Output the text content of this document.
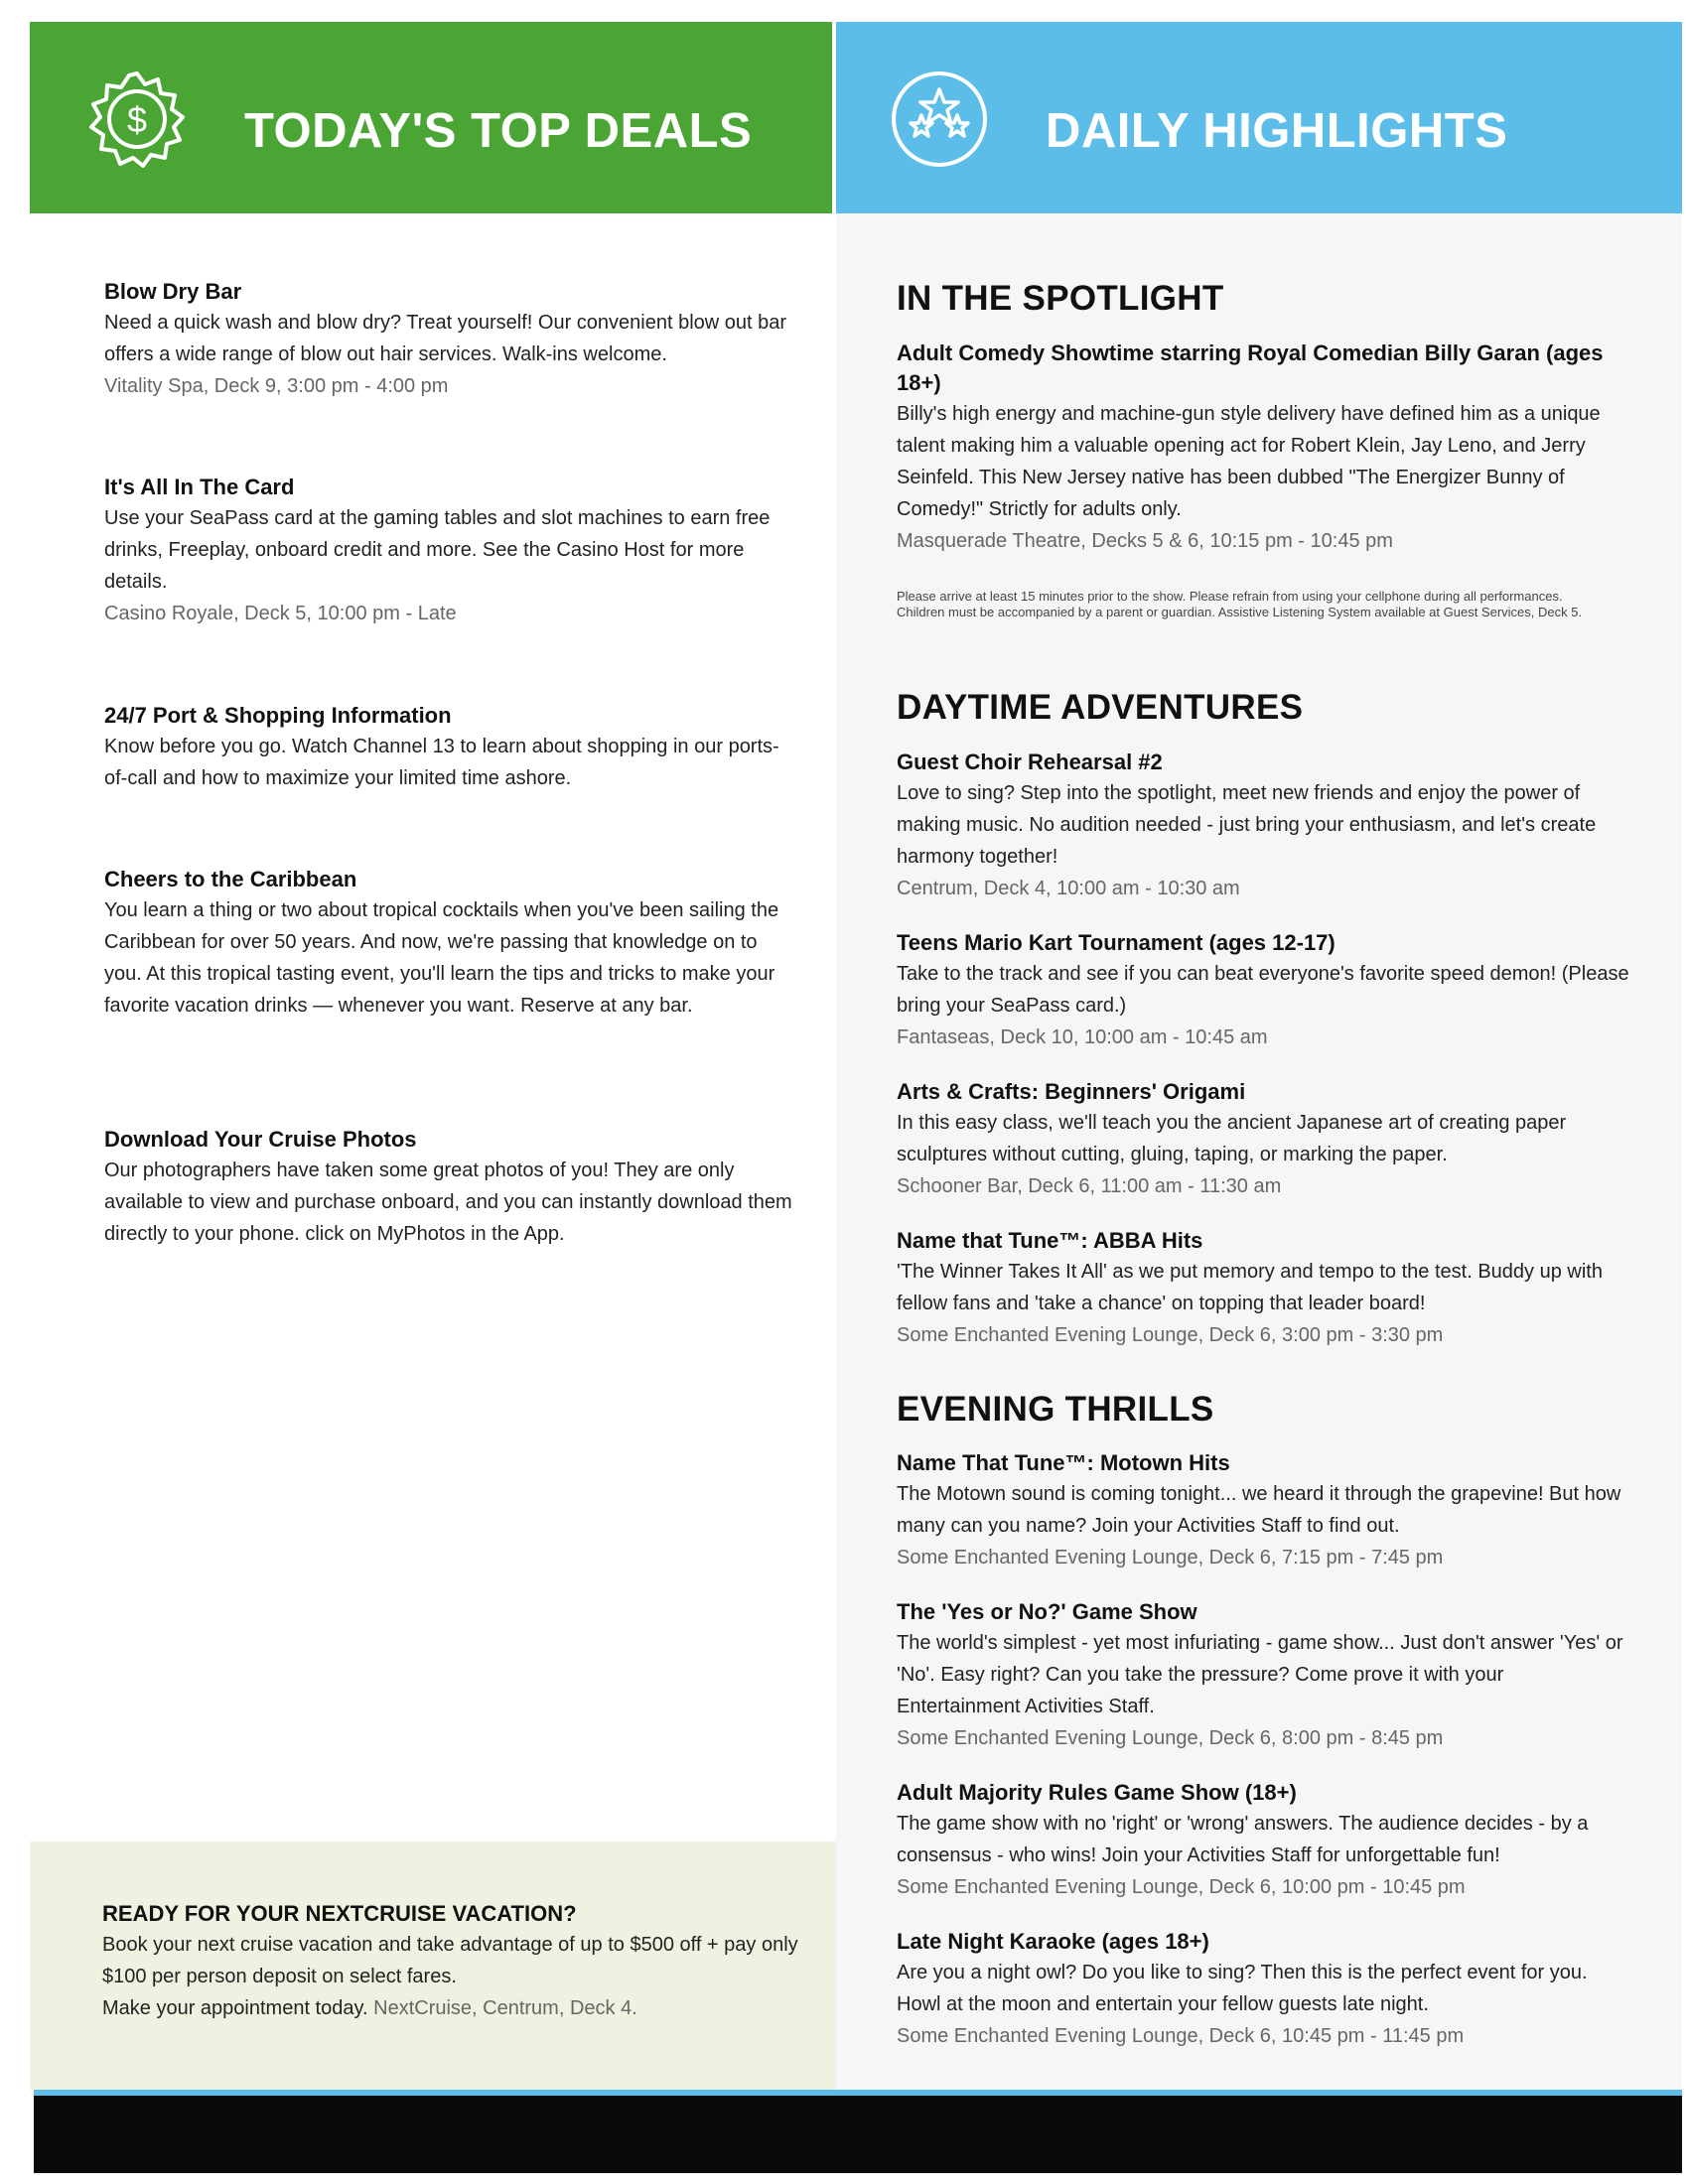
$ TODAY'S TOP DEALS	DAILY HIGHLIGHTS
Blow Dry Bar
Need a quick wash and blow dry? Treat yourself! Our convenient blow out bar offers a wide range of blow out hair services. Walk-ins welcome.
Vitality Spa, Deck 9, 3:00 pm - 4:00 pm
It's All In The Card
Use your SeaPass card at the gaming tables and slot machines to earn free drinks, Freeplay, onboard credit and more. See the Casino Host for more details.
Casino Royale, Deck 5, 10:00 pm - Late
24/7 Port & Shopping Information
Know before you go. Watch Channel 13 to learn about shopping in our ports-of-call and how to maximize your limited time ashore.
Cheers to the Caribbean
You learn a thing or two about tropical cocktails when you've been sailing the Caribbean for over 50 years. And now, we're passing that knowledge on to you. At this tropical tasting event, you'll learn the tips and tricks to make your favorite vacation drinks — whenever you want. Reserve at any bar.
Download Your Cruise Photos
Our photographers have taken some great photos of you! They are only available to view and purchase onboard, and you can instantly download them directly to your phone. click on MyPhotos in the App.
READY FOR YOUR NEXTCRUISE VACATION?
Book your next cruise vacation and take advantage of up to $500 off + pay only $100 per person deposit on select fares.
Make your appointment today. NextCruise, Centrum, Deck 4.
IN THE SPOTLIGHT
Adult Comedy Showtime starring Royal Comedian Billy Garan (ages 18+)
Billy's high energy and machine-gun style delivery have defined him as a unique talent making him a valuable opening act for Robert Klein, Jay Leno, and Jerry Seinfeld. This New Jersey native has been dubbed "The Energizer Bunny of Comedy!" Strictly for adults only.
Masquerade Theatre, Decks 5 & 6, 10:15 pm - 10:45 pm
Please arrive at least 15 minutes prior to the show. Please refrain from using your cellphone during all performances. Children must be accompanied by a parent or guardian. Assistive Listening System available at Guest Services, Deck 5.
DAYTIME ADVENTURES
Guest Choir Rehearsal #2
Love to sing? Step into the spotlight, meet new friends and enjoy the power of making music. No audition needed - just bring your enthusiasm, and let's create harmony together!
Centrum, Deck 4, 10:00 am - 10:30 am
Teens Mario Kart Tournament (ages 12-17)
Take to the track and see if you can beat everyone's favorite speed demon! (Please bring your SeaPass card.)
Fantaseas, Deck 10, 10:00 am - 10:45 am
Arts & Crafts: Beginners' Origami
In this easy class, we'll teach you the ancient Japanese art of creating paper sculptures without cutting, gluing, taping, or marking the paper.
Schooner Bar, Deck 6, 11:00 am - 11:30 am
Name that Tune™: ABBA Hits
'The Winner Takes It All' as we put memory and tempo to the test. Buddy up with fellow fans and 'take a chance' on topping that leader board!
Some Enchanted Evening Lounge, Deck 6, 3:00 pm - 3:30 pm
EVENING THRILLS
Name That Tune™: Motown Hits
The Motown sound is coming tonight... we heard it through the grapevine! But how many can you name? Join your Activities Staff to find out.
Some Enchanted Evening Lounge, Deck 6, 7:15 pm - 7:45 pm
The 'Yes or No?' Game Show
The world's simplest - yet most infuriating - game show... Just don't answer 'Yes' or 'No'. Easy right? Can you take the pressure? Come prove it with your Entertainment Activities Staff.
Some Enchanted Evening Lounge, Deck 6, 8:00 pm - 8:45 pm
Adult Majority Rules Game Show (18+)
The game show with no 'right' or 'wrong' answers. The audience decides - by a consensus - who wins! Join your Activities Staff for unforgettable fun!
Some Enchanted Evening Lounge, Deck 6, 10:00 pm - 10:45 pm
Late Night Karaoke (ages 18+)
Are you a night owl? Do you like to sing? Then this is the perfect event for you. Howl at the moon and entertain your fellow guests late night.
Some Enchanted Evening Lounge, Deck 6, 10:45 pm - 11:45 pm
